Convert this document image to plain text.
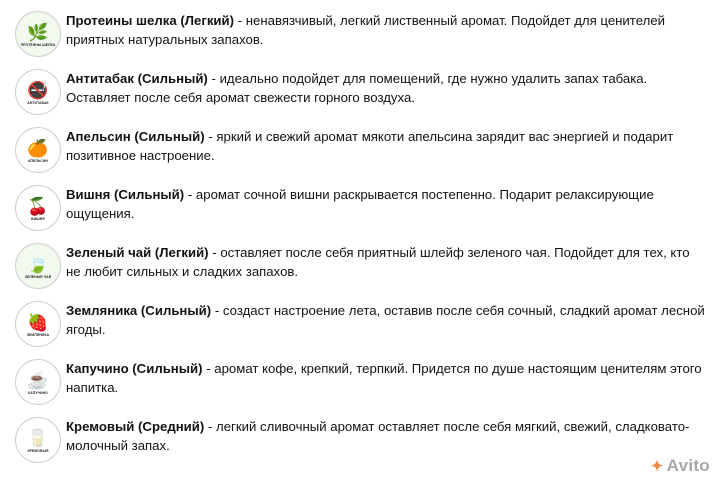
🌿
ПРОТЕИНЫ ШЕЛКА
Протеины шелка (Легкий) - ненавязчивый, легкий лиственный аромат. Подойдет для ценителей приятных натуральных запахов.
🚭
АНТИТАБАК
Антитабак (Сильный) - идеально подойдет для помещений, где нужно удалить запах табака. Оставляет после себя аромат свежести горного воздуха.
🍊
АПЕЛЬСИН
Апельсин (Сильный) - яркий и свежий аромат мякоти апельсина зарядит вас энергией и подарит позитивное настроение.
🍒
ВИШНЯ
Вишня (Сильный) - аромат сочной вишни раскрывается постепенно. Подарит релаксирующие ощущения.
🍃
ЗЕЛЕНЫЙ ЧАЙ
Зеленый чай (Легкий) - оставляет после себя приятный шлейф зеленого чая. Подойдет для тех, кто не любит сильных и сладких запахов.
🍓
ЗЕМЛЯНИКА
Земляника (Сильный) - создаст настроение лета, оставив после себя сочный, сладкий аромат лесной ягоды.
☕
КАПУЧИНО
Капучино (Сильный) - аромат кофе, крепкий, терпкий. Придется по душе настоящим ценителям этого напитка.
🥛
КРЕМОВЫЙ
Кремовый (Средний) - легкий сливочный аромат оставляет после себя мягкий, свежий, сладковато-молочный запах.
✦ Avito
